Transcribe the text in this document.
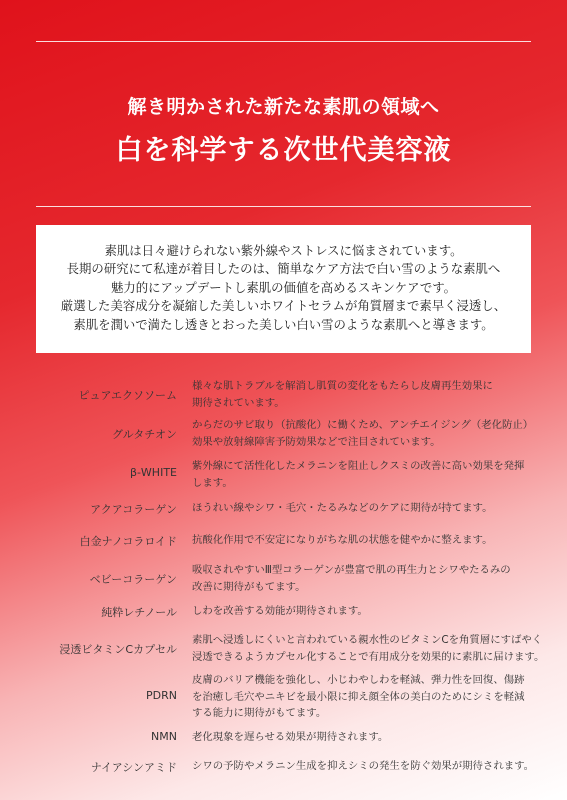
解き明かされた新たな素肌の領域へ
白を科学する次世代美容液

素肌は日々避けられない紫外線やストレスに悩まされています。

長期の研究にて私達が着目したのは、簡単なケア方法で白い雪のような素肌へ

魅力的にアップデートし素肌の価値を高めるスキンケアです。

厳選した美容成分を凝縮した美しいホワイトセラムが角質層まで素早く浸透し、

素肌を潤いで満たし透きとおった美しい白い雪のような素肌へと導きます。

ピュアエクソソーム
様々な肌トラブルを解消し肌質の変化をもたらし皮膚再生効果に
期待されています。
グルタチオン
からだのサビ取り（抗酸化）に働くため、アンチエイジング（老化防止）
効果や放射線障害予防効果などで注目されています。
β-WHITE 紫外線にて活性化したメラニンを阻止しクスミの改善に高い効果を発揮
します。
アクアコラーゲン ほうれい線やシワ・毛穴・たるみなどのケアに期待が持てます。
白金ナノコラロイド 抗酸化作用で不安定になりがちな肌の状態を健やかに整えます。
ベビーコラーゲン
吸収されやすいⅢ型コラーゲンが豊富で肌の再生力とシワやたるみの
改善に期待がもてます。
純粋レチノール しわを改善する効能が期待されます。
浸透ビタミンCカプセル
素肌へ浸透しにくいと言われている親水性のビタミンCを角質層にすばやく
浸透できるようカプセル化することで有用成分を効果的に素肌に届けます。
PDRN
皮膚のバリア機能を強化し、小じわやしわを軽減、弾力性を回復、傷跡
を治癒し毛穴やニキビを最小限に抑え顔全体の美白のためにシミを軽減
する能力に期待がもてます。
NMN 老化現象を遅らせる効果が期待されます。
ナイアシンアミド シワの予防やメラニン生成を抑えシミの発生を防ぐ効果が期待されます。
